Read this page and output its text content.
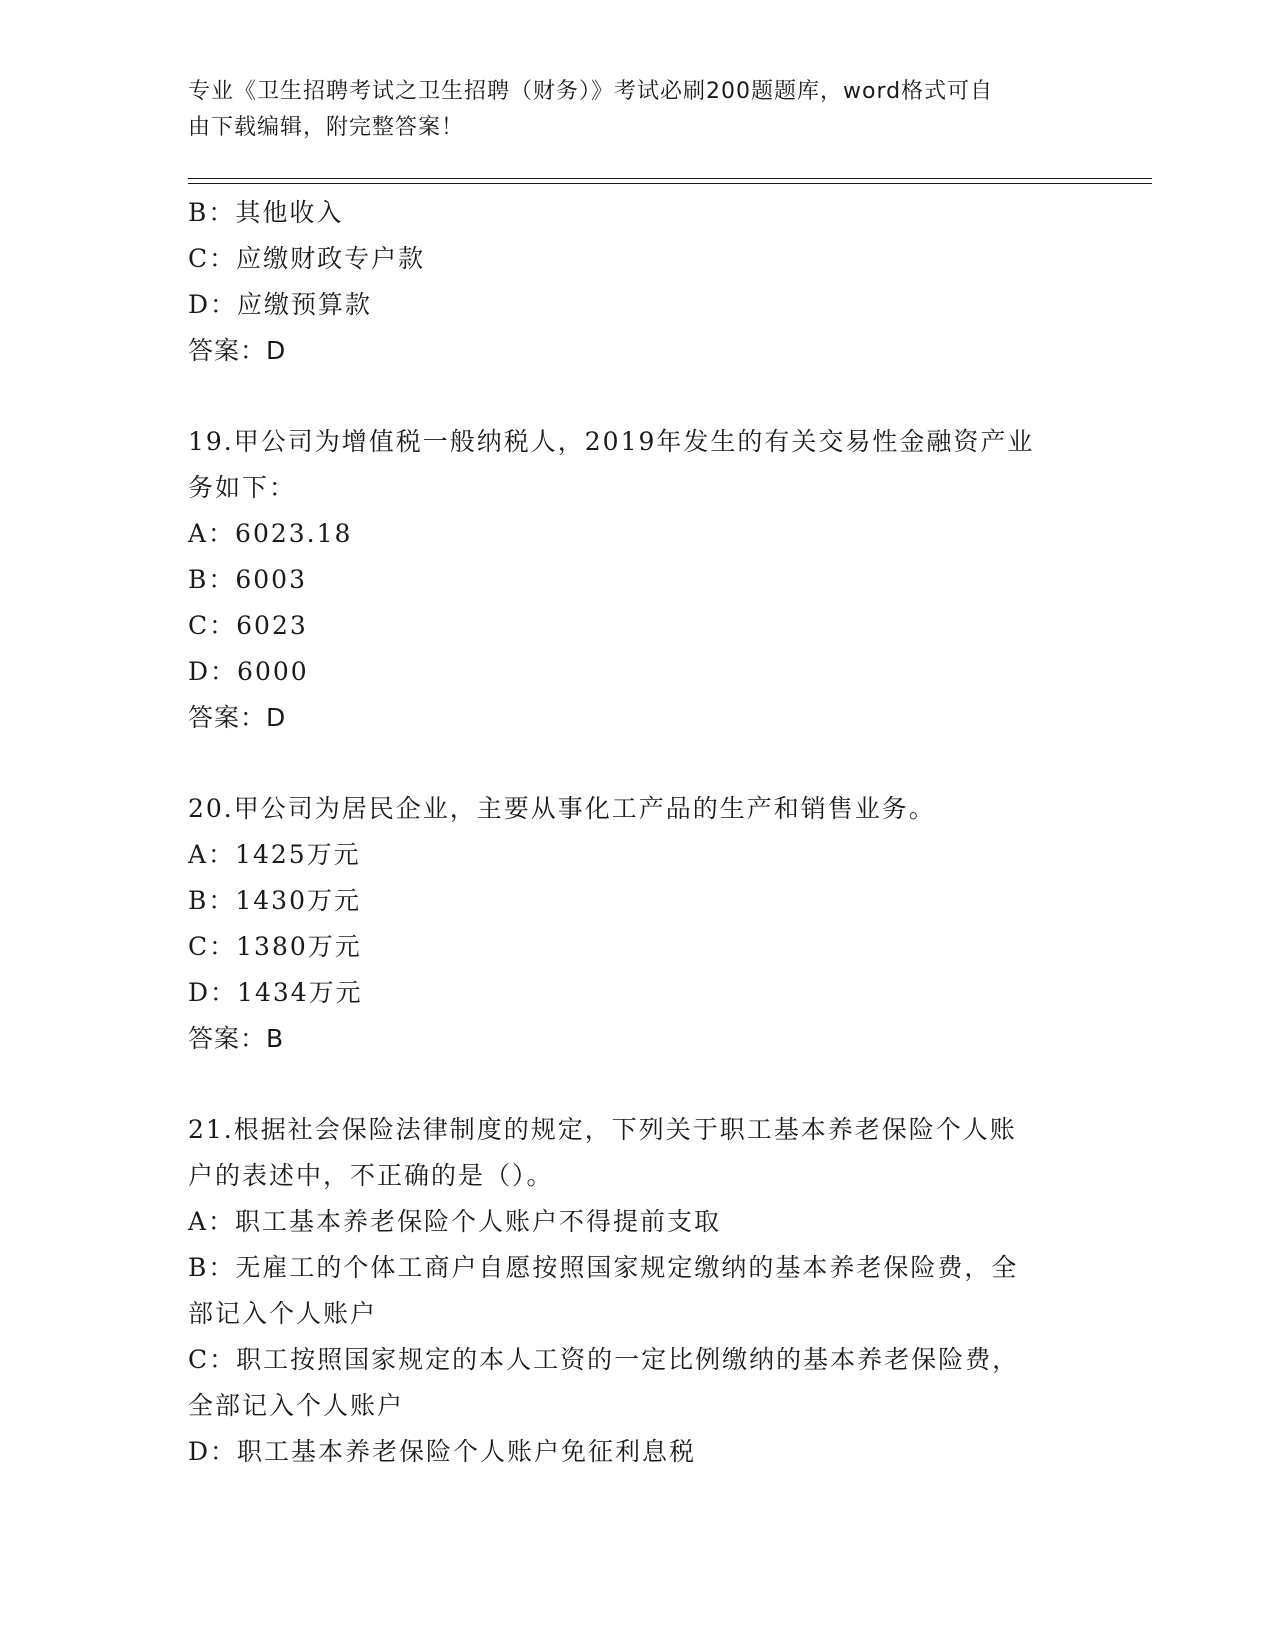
专业《卫生招聘考试之卫生招聘（财务）》考试必刷200题题库，word格式可自
由下载编辑，附完整答案！
B：其他收入
C：应缴财政专户款
D：应缴预算款
答案：D
19.甲公司为增值税一般纳税人，2019年发生的有关交易性金融资产业
务如下：
A：6023.18
B：6003
C：6023
D：6000
答案：D
20.甲公司为居民企业，主要从事化工产品的生产和销售业务。
A：1425万元
B：1430万元
C：1380万元
D：1434万元
答案：B
21.根据社会保险法律制度的规定，下列关于职工基本养老保险个人账
户的表述中，不正确的是（）。
A：职工基本养老保险个人账户不得提前支取
B：无雇工的个体工商户自愿按照国家规定缴纳的基本养老保险费，全
部记入个人账户
C：职工按照国家规定的本人工资的一定比例缴纳的基本养老保险费，
全部记入个人账户
D：职工基本养老保险个人账户免征利息税
